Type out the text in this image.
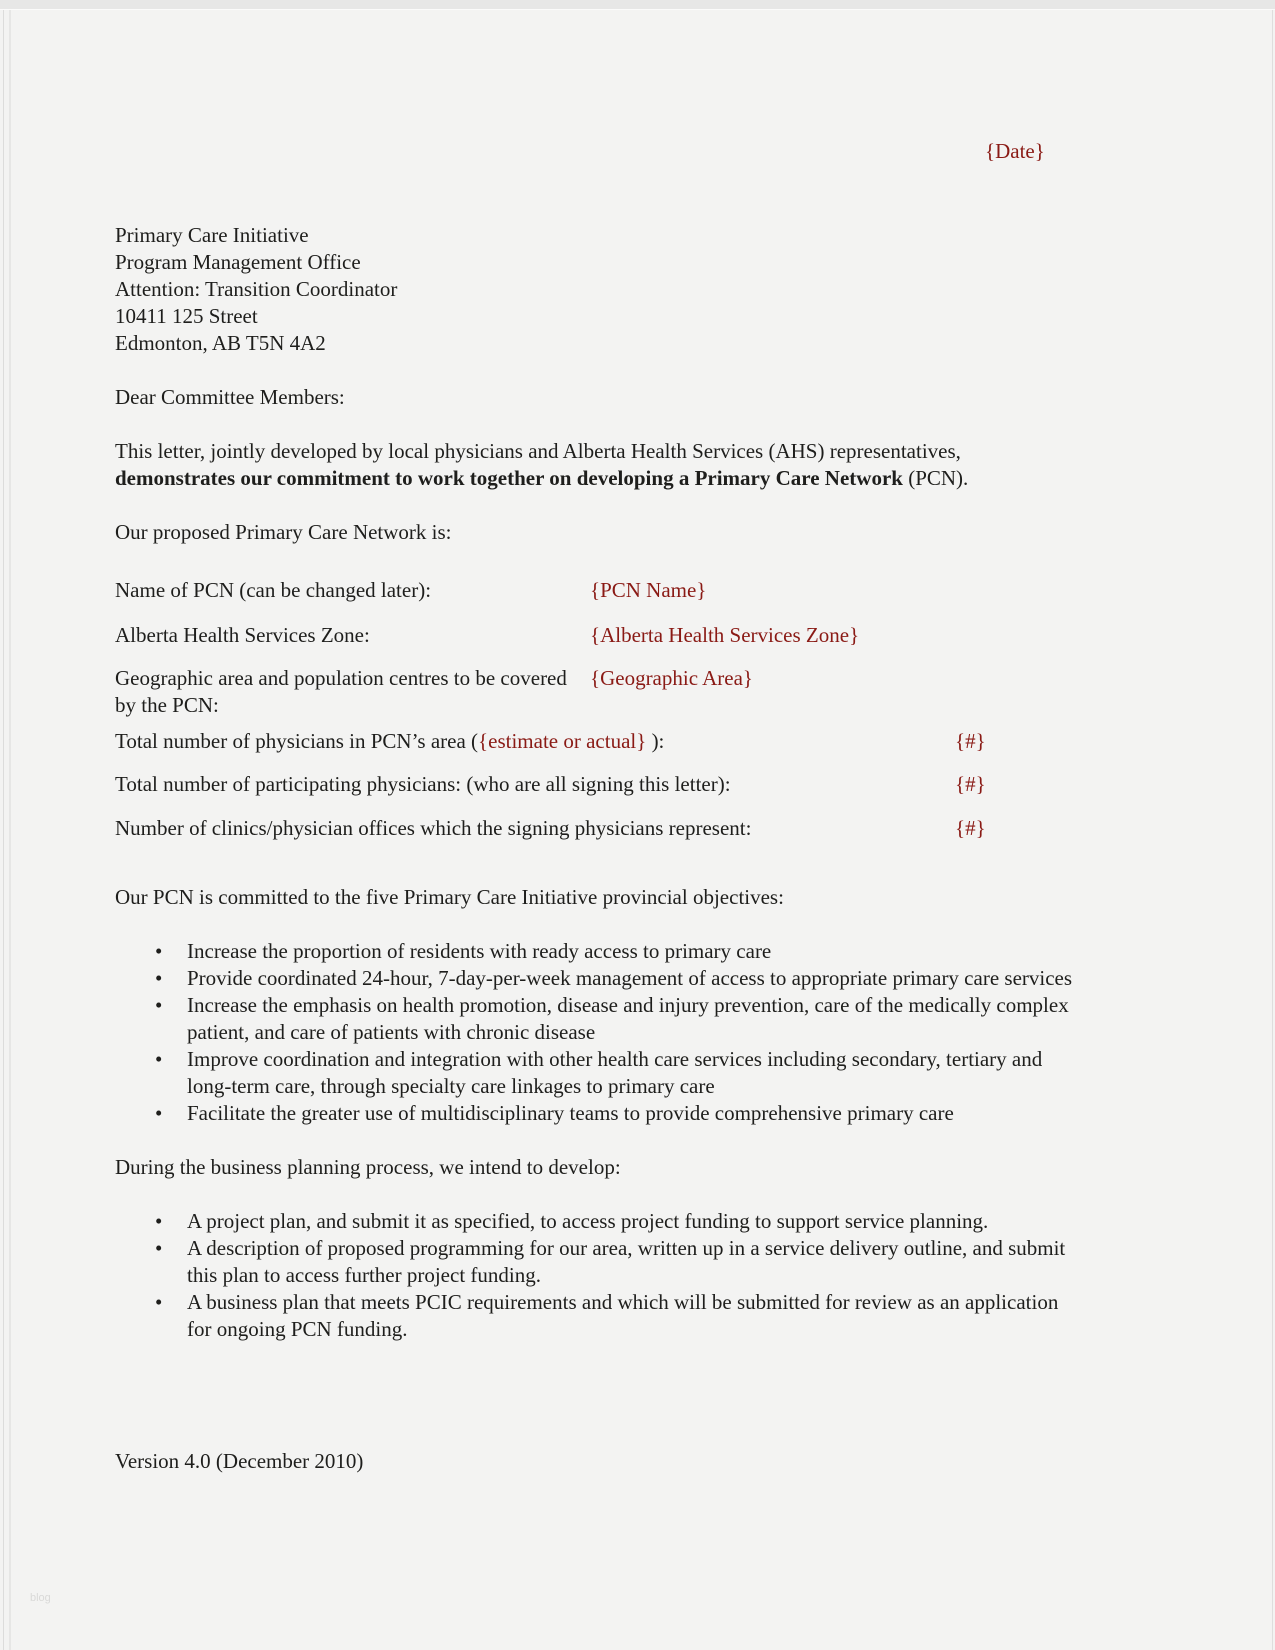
{Date}
Primary Care Initiative
Program Management Office
Attention: Transition Coordinator
10411 125 Street
Edmonton, AB T5N 4A2
Dear Committee Members:
This letter, jointly developed by local physicians and Alberta Health Services (AHS) representatives, demonstrates our commitment to work together on developing a Primary Care Network (PCN).
Our proposed Primary Care Network is:
Name of PCN (can be changed later):	{PCN Name}
Alberta Health Services Zone:	{Alberta Health Services Zone}
Geographic area and population centres to be covered by the PCN:
{Geographic Area}
Total number of physicians in PCN’s area ({estimate or actual} ):	{#}
Total number of participating physicians: (who are all signing this letter):	{#}
Number of clinics/physician offices which the signing physicians represent:	{#}
Our PCN is committed to the five Primary Care Initiative provincial objectives:
• Increase the proportion of residents with ready access to primary care
• Provide coordinated 24-hour, 7-day-per-week management of access to appropriate primary care services
• Increase the emphasis on health promotion, disease and injury prevention, care of the medically complex patient, and care of patients with chronic disease
• Improve coordination and integration with other health care services including secondary, tertiary and long-term care, through specialty care linkages to primary care
• Facilitate the greater use of multidisciplinary teams to provide comprehensive primary care
During the business planning process, we intend to develop:
• A project plan, and submit it as specified, to access project funding to support service planning.
• A description of proposed programming for our area, written up in a service delivery outline, and submit this plan to access further project funding.
• A business plan that meets PCIC requirements and which will be submitted for review as an application for ongoing PCN funding.
Version 4.0 (December 2010)
blog
